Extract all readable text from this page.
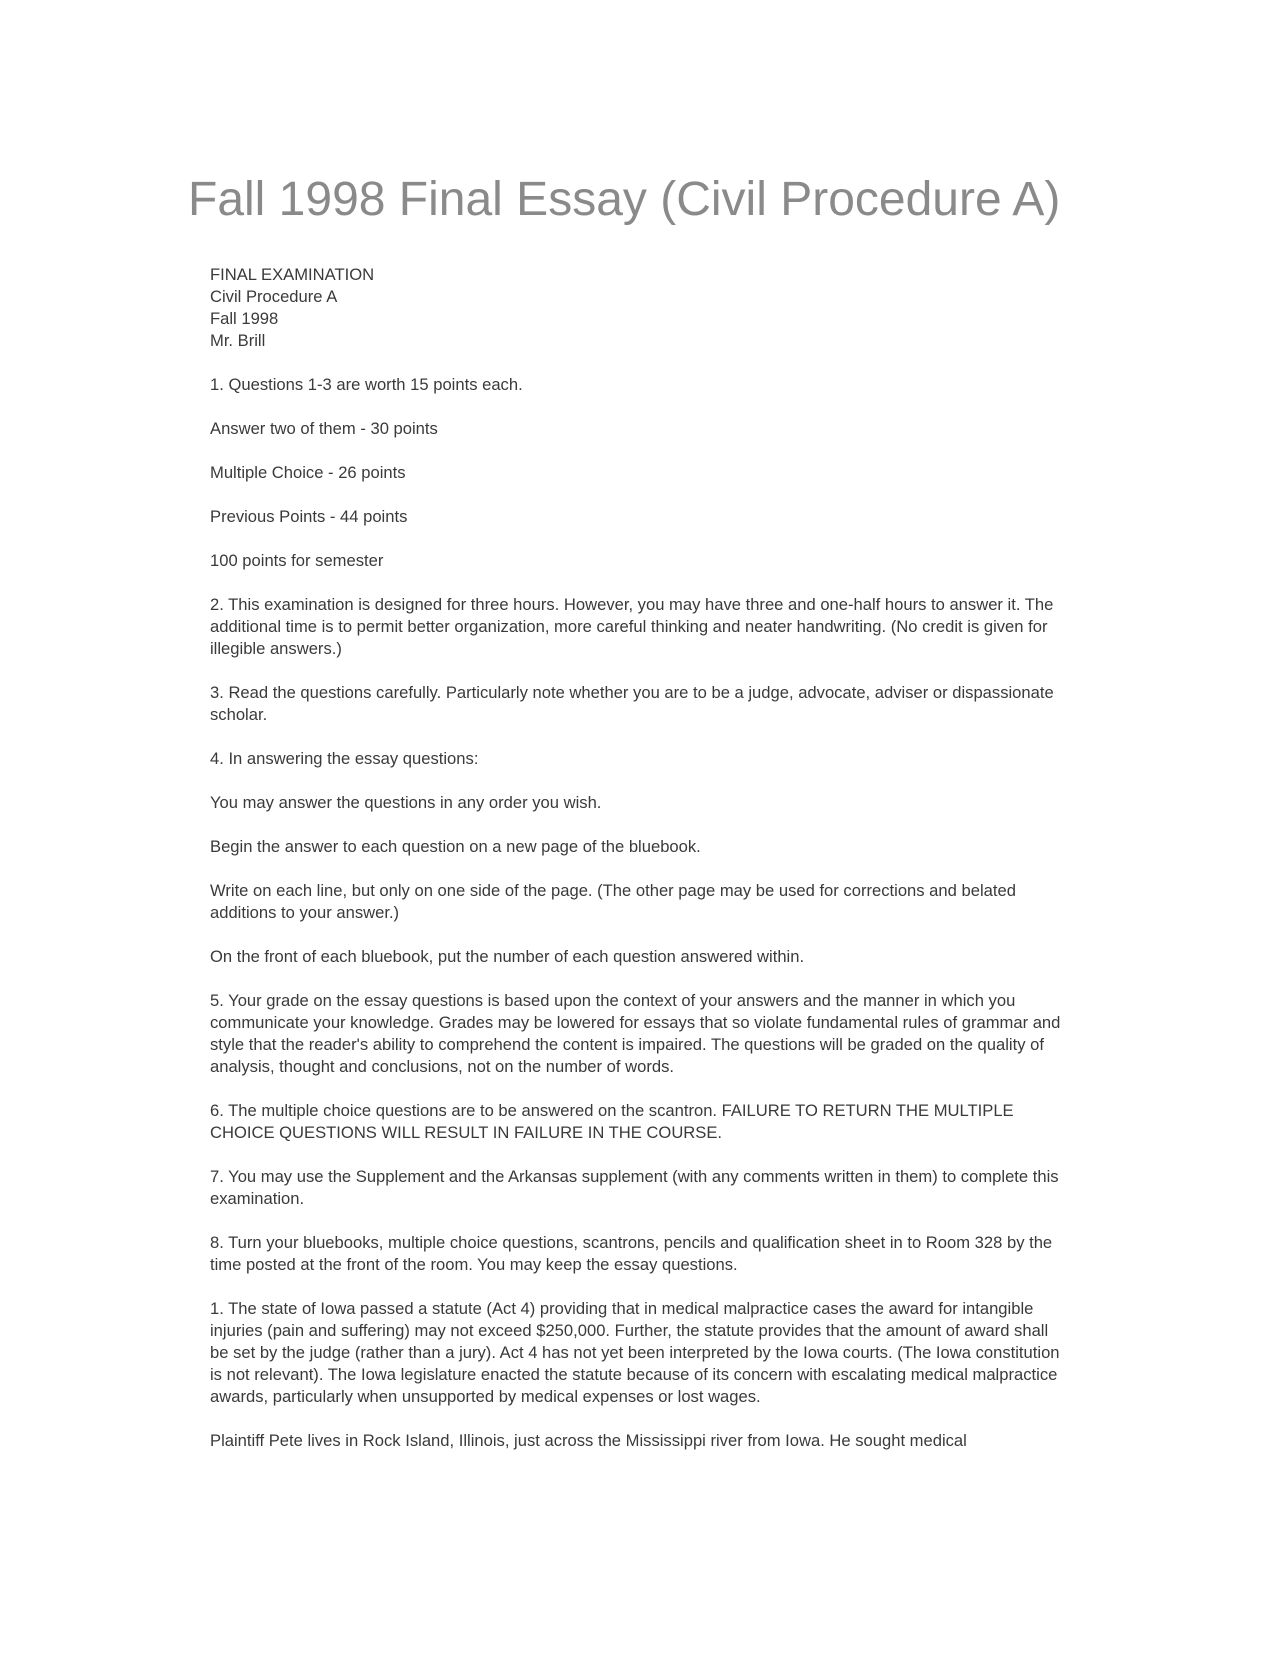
Fall 1998 Final Essay (Civil Procedure A)

FINAL EXAMINATION

Civil Procedure A

Fall 1998

Mr. Brill

1. Questions 1-3 are worth 15 points each.

Answer two of them - 30 points

Multiple Choice - 26 points

Previous Points - 44 points

100 points for semester

2. This examination is designed for three hours. However, you may have three and one-half hours to answer it. The additional time is to permit better organization, more careful thinking and neater handwriting. (No credit is given for illegible answers.)

3. Read the questions carefully. Particularly note whether you are to be a judge, advocate, adviser or dispassionate scholar.

4. In answering the essay questions:

You may answer the questions in any order you wish.

Begin the answer to each question on a new page of the bluebook.

Write on each line, but only on one side of the page. (The other page may be used for corrections and belated additions to your answer.)

On the front of each bluebook, put the number of each question answered within.

5. Your grade on the essay questions is based upon the context of your answers and the manner in which you communicate your knowledge. Grades may be lowered for essays that so violate fundamental rules of grammar and style that the reader's ability to comprehend the content is impaired. The questions will be graded on the quality of analysis, thought and conclusions, not on the number of words.

6. The multiple choice questions are to be answered on the scantron. FAILURE TO RETURN THE MULTIPLE CHOICE QUESTIONS WILL RESULT IN FAILURE IN THE COURSE.

7. You may use the Supplement and the Arkansas supplement (with any comments written in them) to complete this examination.

8. Turn your bluebooks, multiple choice questions, scantrons, pencils and qualification sheet in to Room 328 by the time posted at the front of the room. You may keep the essay questions.

1. The state of Iowa passed a statute (Act 4) providing that in medical malpractice cases the award for intangible injuries (pain and suffering) may not exceed $250,000. Further, the statute provides that the amount of award shall be set by the judge (rather than a jury). Act 4 has not yet been interpreted by the Iowa courts. (The Iowa constitution is not relevant). The Iowa legislature enacted the statute because of its concern with escalating medical malpractice awards, particularly when unsupported by medical expenses or lost wages.

Plaintiff Pete lives in Rock Island, Illinois, just across the Mississippi river from Iowa. He sought medical
